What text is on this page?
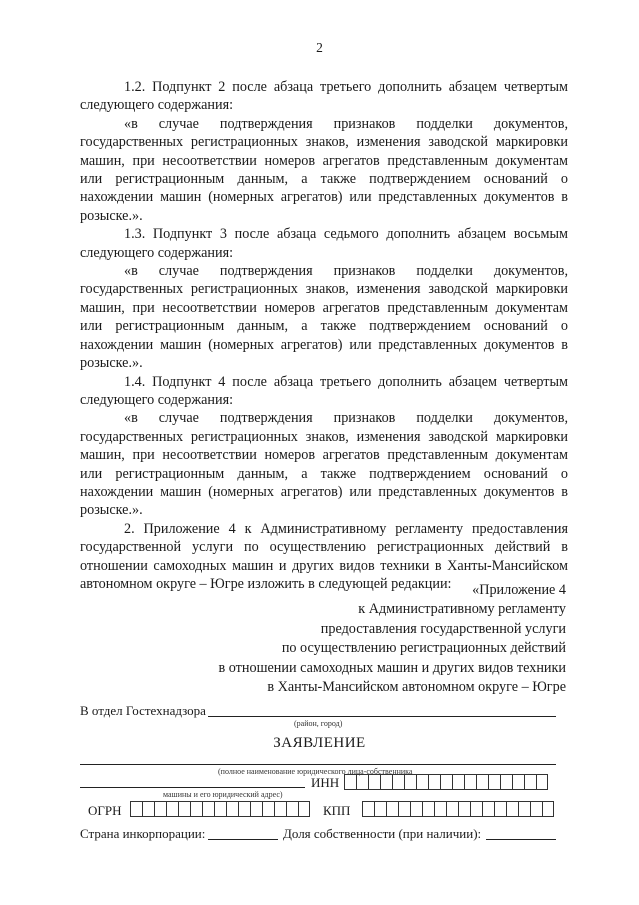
2

1.2. Подпункт 2 после абзаца третьего дополнить абзацем четвертым следующего содержания:

«в случае подтверждения признаков подделки документов, государственных регистрационных знаков, изменения заводской маркировки машин, при несоответствии номеров агрегатов представленным документам или регистрационным данным, а также подтверждением оснований о нахождении машин (номерных агрегатов) или представленных документов в розыске.».

1.3. Подпункт 3 после абзаца седьмого дополнить абзацем восьмым следующего содержания:

«в случае подтверждения признаков подделки документов, государственных регистрационных знаков, изменения заводской маркировки машин, при несоответствии номеров агрегатов представленным документам или регистрационным данным, а также подтверждением оснований о нахождении машин (номерных агрегатов) или представленных документов в розыске.».

1.4. Подпункт 4 после абзаца третьего дополнить абзацем четвертым следующего содержания:

«в случае подтверждения признаков подделки документов, государственных регистрационных знаков, изменения заводской маркировки машин, при несоответствии номеров агрегатов представленным документам или регистрационным данным, а также подтверждением оснований о нахождении машин (номерных агрегатов) или представленных документов в розыске.».

2. Приложение 4 к Административному регламенту предоставления государственной услуги по осуществлению регистрационных действий в отношении самоходных машин и других видов техники в Ханты-Мансийском автономном округе – Югре изложить в следующей редакции:	«Приложение 4
к Административному регламенту
предоставления государственной услуги
по осуществлению регистрационных действий
в отношении самоходных машин и других видов техники
в Ханты-Мансийском автономном округе – Югре
В отдел Гостехнадзора
(район, город)
ЗАЯВЛЕНИЕ
(полное наименование юридического лица-собственника
машины и его юридический адрес)
ИНН
ОГРН	КПП
Страна инкорпорации:	Доля собственности (при наличии):
